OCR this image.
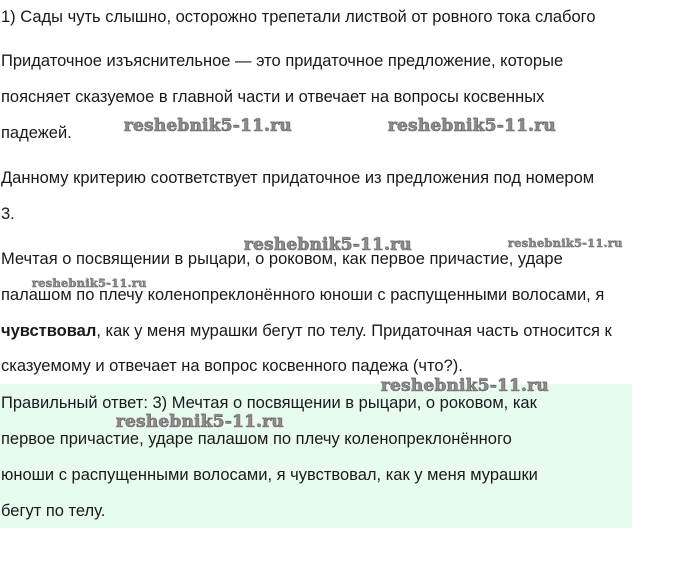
1) Сады чуть слышно, осторожно трепетали листвой от ровного тока слабого

Придаточное изъяснительное — это придаточное предложение, которые

поясняет сказуемое в главной части и отвечает на вопросы косвенных

падежей.

Данному критерию соответствует придаточное из предложения под номером

3.

Мечтая о посвящении в рыцари, о роковом, как первое причастие, ударе

палашом по плечу коленопреклонённого юноши с распущенными волосами, я

чувствовал, как у меня мурашки бегут по телу. Придаточная часть относится к

сказуемому и отвечает на вопрос косвенного падежа (что?).

Правильный ответ: 3) Мечтая о посвящении в рыцари, о роковом, как

первое причастие, ударе палашом по плечу коленопреклонённого

юноши с распущенными волосами, я чувствовал, как у меня мурашки

бегут по телу.

reshebnik5-11.ru	reshebnik5-11.ru
reshebnik5-11.ru	reshebnik5-11.ru
reshebnik5-11.ru
reshebnik5-11.ru
reshebnik5-11.ru
